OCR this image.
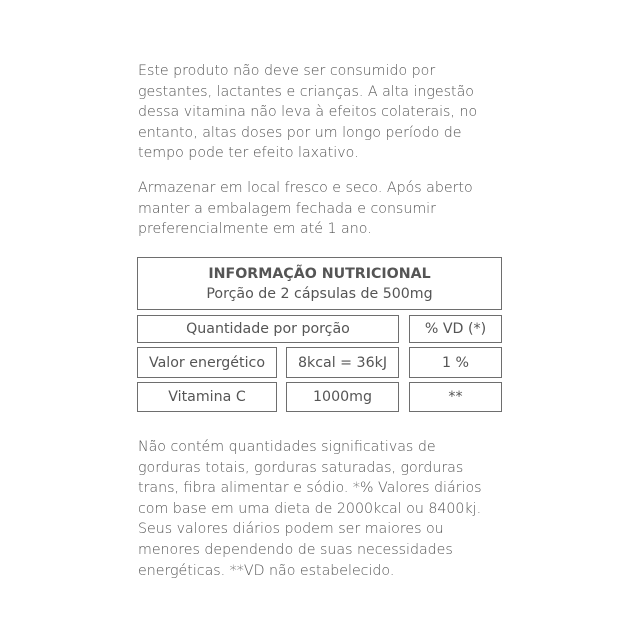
Este produto não deve ser consumido por
gestantes, lactantes e crianças. A alta ingestão
dessa vitamina não leva à efeitos colaterais, no
entanto, altas doses por um longo período de
tempo pode ter efeito laxativo.
Armazenar em local fresco e seco. Após aberto
manter a embalagem fechada e consumir
preferencialmente em até 1 ano.
INFORMAÇÃO NUTRICIONAL
Porção de 2 cápsulas de 500mg
Quantidade por porção	% VD (*)
Valor energético	8kcal = 36kJ	1 %
Vitamina C	1000mg	**
Não contém quantidades significativas de
gorduras totais, gorduras saturadas, gorduras
trans, fibra alimentar e sódio. *% Valores diários
com base em uma dieta de 2000kcal ou 8400kj.
Seus valores diários podem ser maiores ou
menores dependendo de suas necessidades
energéticas. **VD não estabelecido.
